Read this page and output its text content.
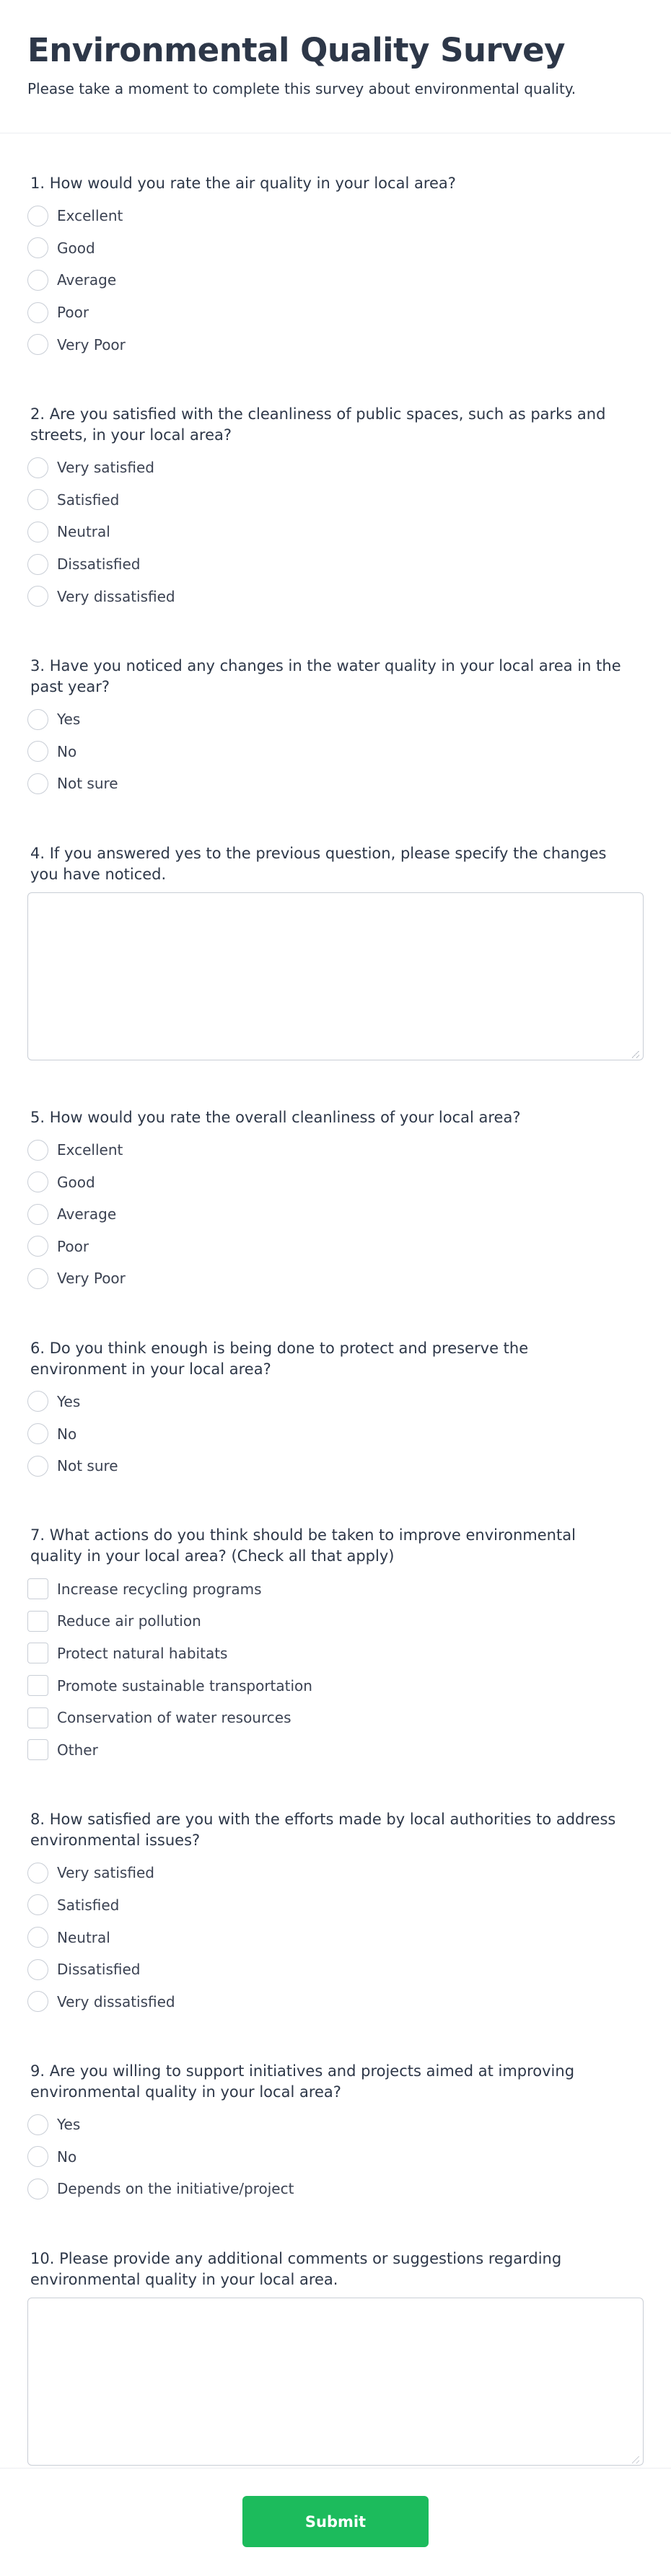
Environmental Quality Survey

Please take a moment to complete this survey about environmental quality.

1. How would you rate the air quality in your local area?
Excellent
Good
Average
Poor
Very Poor
2. Are you satisfied with the cleanliness of public spaces, such as parks and streets, in your local area?
Very satisfied
Satisfied
Neutral
Dissatisfied
Very dissatisfied
3. Have you noticed any changes in the water quality in your local area in the past year?
Yes
No
Not sure
4. If you answered yes to the previous question, please specify the changes you have noticed.
5. How would you rate the overall cleanliness of your local area?
Excellent
Good
Average
Poor
Very Poor
6. Do you think enough is being done to protect and preserve the environment in your local area?
Yes
No
Not sure
7. What actions do you think should be taken to improve environmental quality in your local area? (Check all that apply)
Increase recycling programs
Reduce air pollution
Protect natural habitats
Promote sustainable transportation
Conservation of water resources
Other
8. How satisfied are you with the efforts made by local authorities to address environmental issues?
Very satisfied
Satisfied
Neutral
Dissatisfied
Very dissatisfied
9. Are you willing to support initiatives and projects aimed at improving environmental quality in your local area?
Yes
No
Depends on the initiative/project
10. Please provide any additional comments or suggestions regarding environmental quality in your local area.
Submit
